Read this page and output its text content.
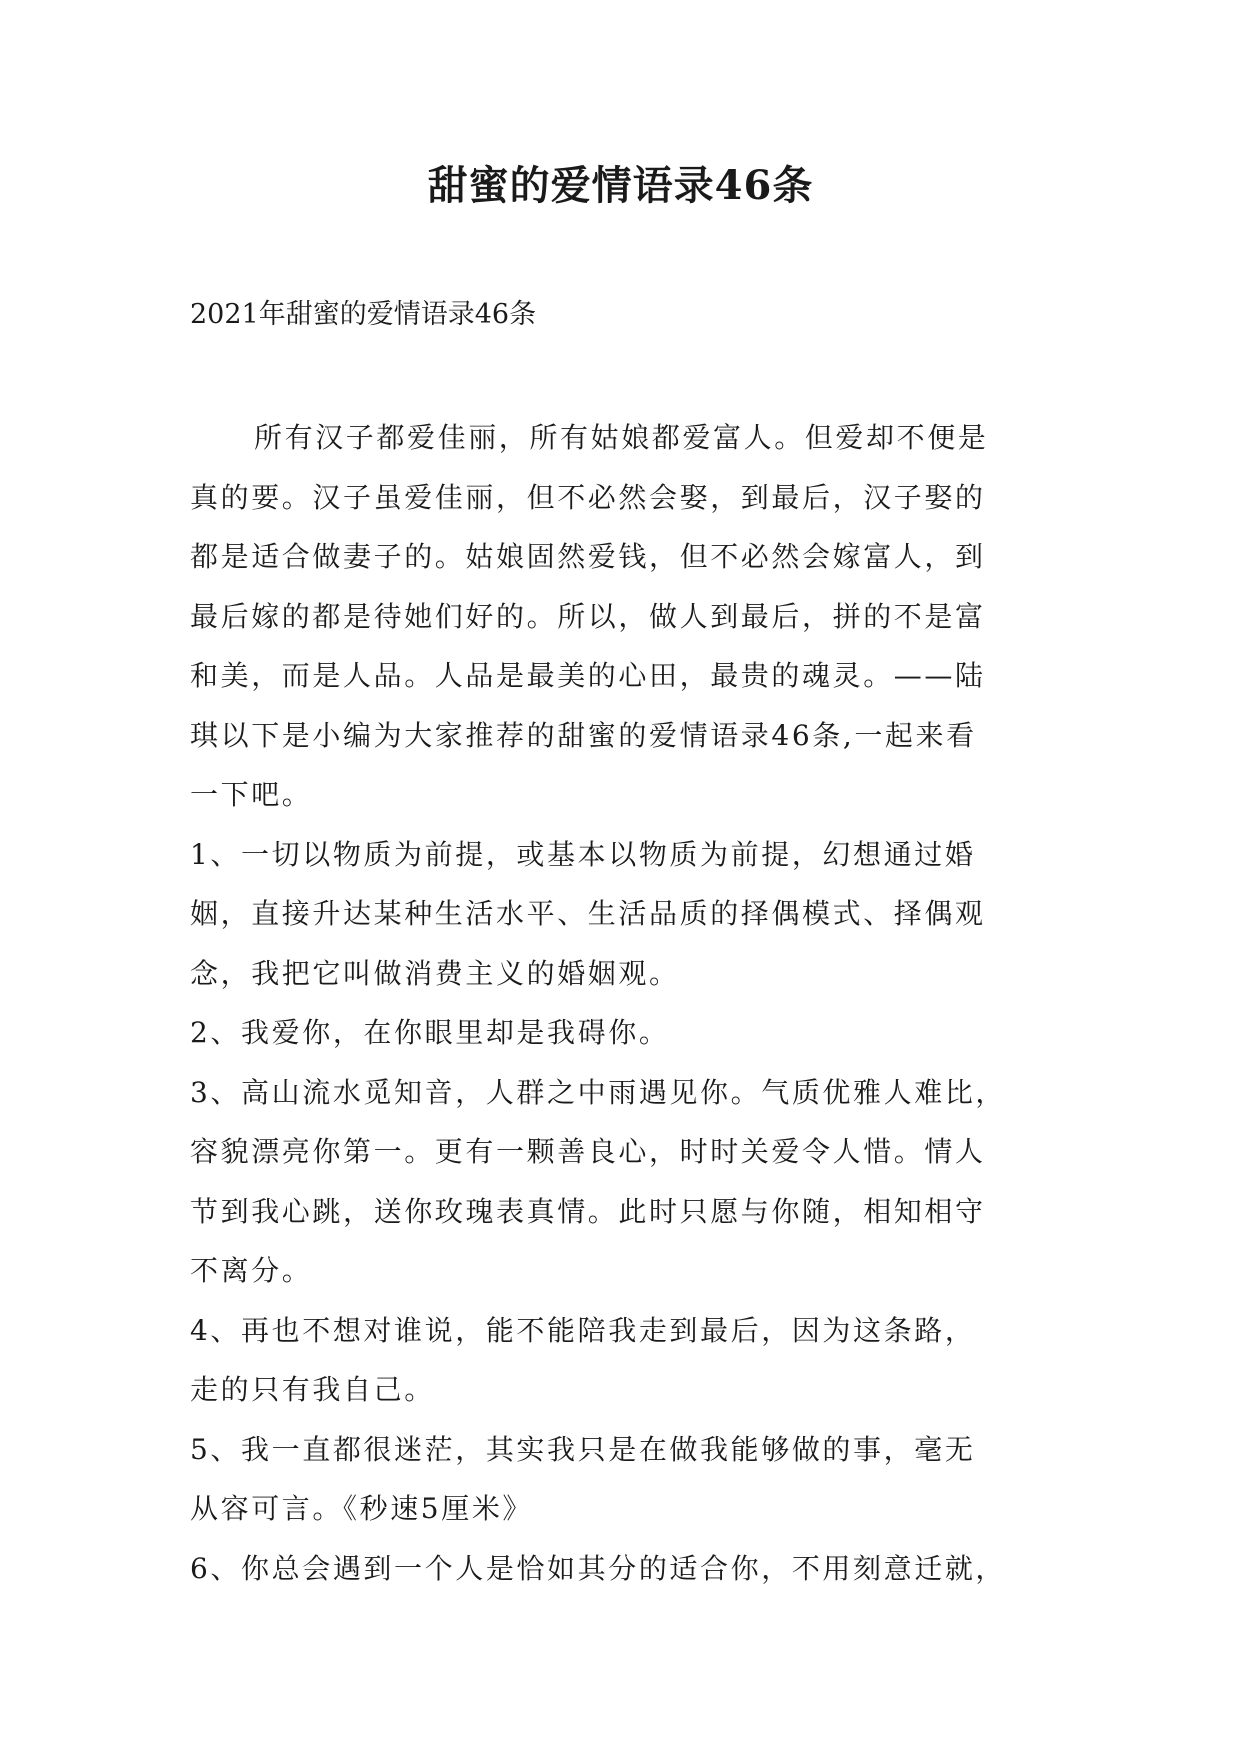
甜蜜的爱情语录46条

2021年甜蜜的爱情语录46条

所有汉子都爱佳丽，所有姑娘都爱富人。但爱却不便是
真的要。汉子虽爱佳丽，但不必然会娶，到最后，汉子娶的
都是适合做妻子的。姑娘固然爱钱，但不必然会嫁富人，到
最后嫁的都是待她们好的。所以，做人到最后，拼的不是富
和美，而是人品。人品是最美的心田，最贵的魂灵。——陆
琪以下是小编为大家推荐的甜蜜的爱情语录46条,一起来看
一下吧。
1、一切以物质为前提，或基本以物质为前提，幻想通过婚
姻，直接升达某种生活水平、生活品质的择偶模式、择偶观
念，我把它叫做消费主义的婚姻观。
2、我爱你，在你眼里却是我碍你。
3、高山流水觅知音，人群之中雨遇见你。气质优雅人难比，
容貌漂亮你第一。更有一颗善良心，时时关爱令人惜。情人
节到我心跳，送你玫瑰表真情。此时只愿与你随，相知相守
不离分。
4、再也不想对谁说，能不能陪我走到最后，因为这条路，
走的只有我自己。
5、我一直都很迷茫，其实我只是在做我能够做的事，毫无
从容可言。《秒速5厘米》
6、你总会遇到一个人是恰如其分的适合你，不用刻意迁就，
